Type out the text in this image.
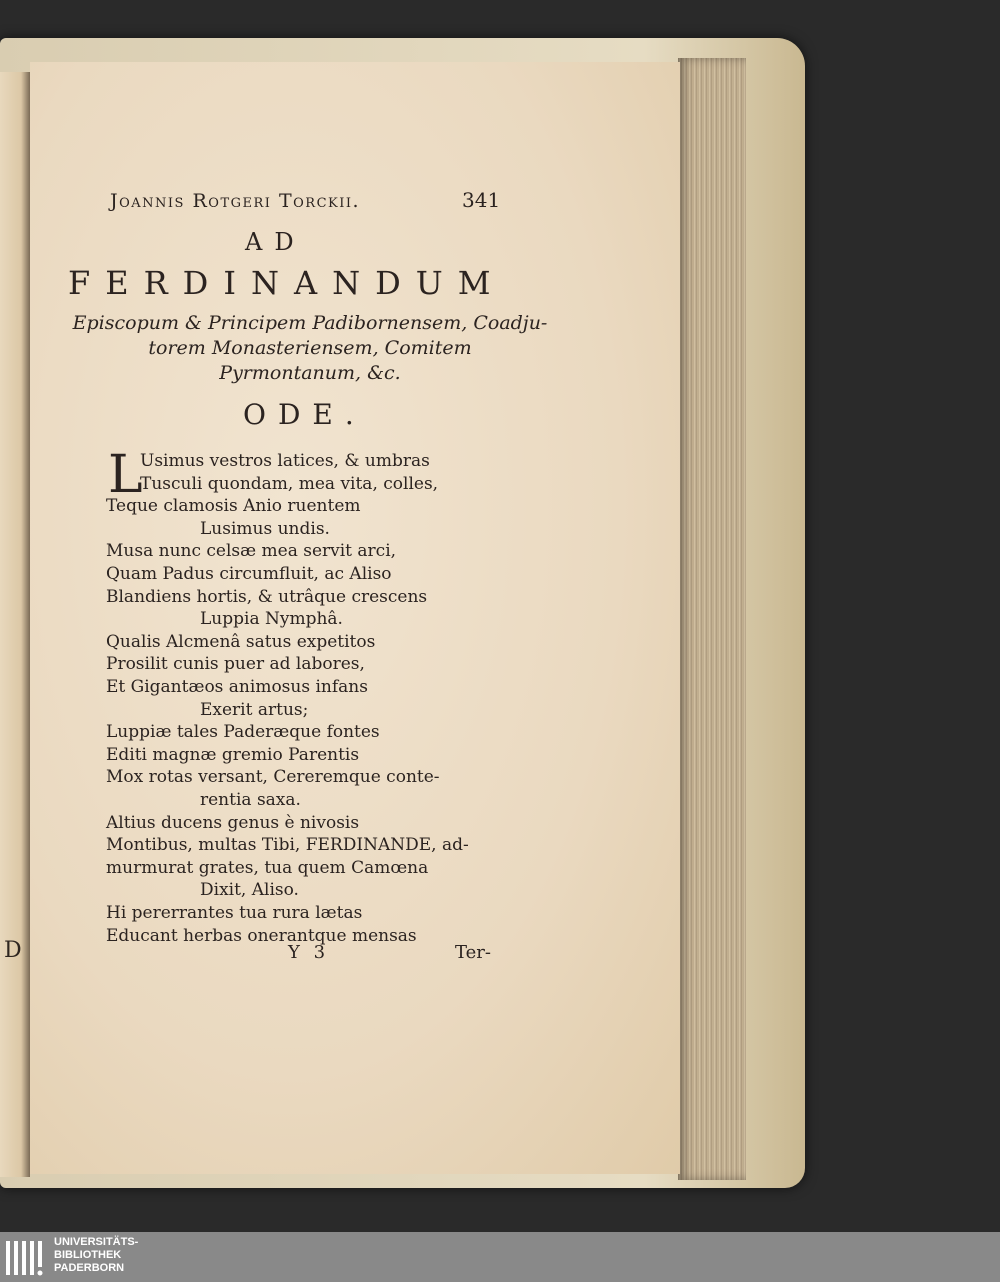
D
Joannis Rotgeri Torckii.	341
AD
FERDINANDUM
Episcopum & Principem Padibornensem, Coadju-
torem Monasteriensem, Comitem
Pyrmontanum, &c.
ODE.
L
Usimus vestros latices, & umbras
Tusculi quondam, mea vita, colles,
Teque clamosis Anio ruentem
Lusimus undis.
Musa nunc celsæ mea servit arci,
Quam Padus circumfluit, ac Aliso
Blandiens hortis, & utrâque crescens
Luppia Nymphâ.
Qualis Alcmenâ satus expetitos
Prosilit cunis puer ad labores,
Et Gigantæos animosus infans
Exerit artus;
Luppiæ tales Paderæque fontes
Editi magnæ gremio Parentis
Mox rotas versant, Cereremque conte-
rentia saxa.
Altius ducens genus è nivosis
Montibus, multas Tibi, FERDINANDE, ad-
murmurat grates, tua quem Camœna
Dixit, Aliso.
Hi pererrantes tua rura lætas
Educant herbas onerantque mensas
Y 3	Ter-
UNIVERSITÄTS-
BIBLIOTHEK
PADERBORN
